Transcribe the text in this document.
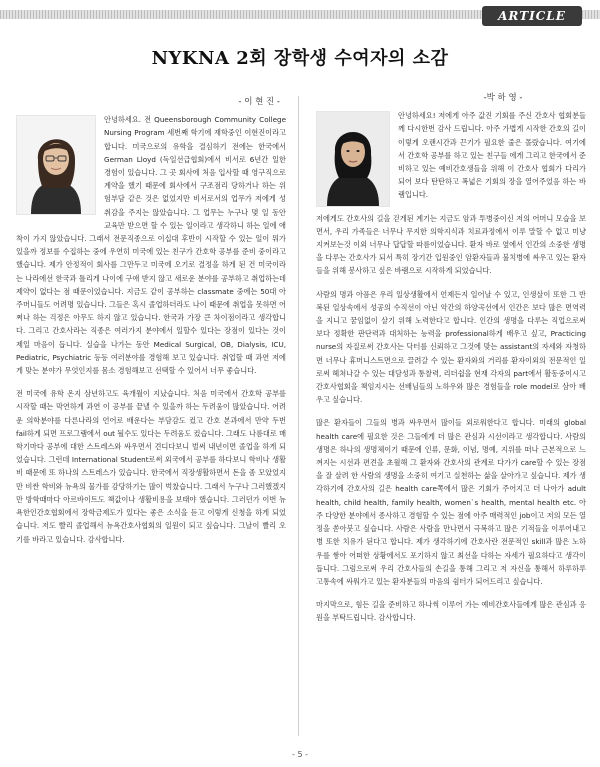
ARTICLE
NYKNA 2회 장학생 수여자의 소감
- 이 현 진 -

안녕하세요. 전 Queensborough Community College Nursing Program 세번째 학기에 재학중인 이현진이라고 합니다. 미국으로의 유학을 결심하기 전에는 한국에서 German Lloyd (독일선급협회)에서 비서로 6년간 일한 경험이 있습니다. 그 곳 회사에 처음 입사할 때 영구직으로 계약을 했기 때문에 회사에서 구조점리 당하거나 하는 위험부담 같은 것은 없었지만 비서로서의 업무가 저에게 성취감을 주지는 않았습니다. 그 업무는 누구나 몇 일 동안 교육만 받으면 할 수 있는 일이라고 생각하니 하는 일에 애착이 가지 않았습니다. 그래서 전문직종으로 이십대 후반이 시작할 수 있는 일이 뭐가 있을까 정보를 수집하는 중에 우연히 미국에 있는 친구가 간호학 공부를 준비 중이라고 했습니다. 제가 안정적이 회사를 그만두고 미국에 오기로 결정을 하게 된 건 미국이라는 나라에선 한국과 틀리게 나이에 구애 받지 않고 새로운 분야를 공부하고 취업하는데 제약이 없다는 점 때문이었습니다. 지금도 같이 공부하는 classmate 중에는 50대 아주머니들도 어려명 있습니다. 그들은 혹시 졸업하더라도 나이 때문에 취업을 못하면 어쩌나 하는 걱정은 아무도 하지 않고 있습니다. 한국과 가장 큰 차이점이라고 생각합니다. 그리고 간호사라는 직종은 여러가지 분야에서 일할수 있다는 장점이 있다는 것이 제일 마음이 듭니다. 실습을 나가는 동안 Medical Surgical, OB, Dialysis, ICU, Pediatric, Psychiatric 등등 여러분야를 경험해 보고 있습니다. 취업할 때 과연 저에게 맞는 분야가 무엇인지를 몸소 경험해보고 선택할 수 있어서 너무 좋습니다.

전 미국에 유학 온지 삼년하고도 육개월이 지났습니다. 처음 미국에서 간호학 공부를 시작할 때는 막연하게 과연 이 공부를 끝낼 수 있을까 하는 두려움이 많았습니다. 어려운 의학분야를 다른나라의 언어로 배운다는 부담감도 컸고 간호 본과에서 만약 두번 fail하게 되면 프로그램에서 out 될수도 있다는 두려움도 컸습니다. 그래도 나름대로 매 학기마다 공부에 대한 스트레스와 싸우면서 견디다보니 벌써 내년이면 졸업을 하게 되었습니다. 그런데 International Student로써 외국에서 공부를 하다보니 학비나 생활비 때문에 또 하나의 스트레스가 있습니다. 한국에서 직장생활하면서 돈을 좀 모았었지만 비싼 학비와 뉴욕의 물가를 감당하기는 많이 벅찼습니다. 그래서 누구나 그러했겠지만 방학때마다 아르바이트도 책값이나 생활비용을 보태야 했습니다. 그러던가 이번 뉴욕한인간호협회에서 장학금제도가 있다는 좋은 소식을 듣고 이렇게 신청을 하게 되었습니다. 저도 빨리 졸업해서 뉴욕간호사협회의 일원이 되고 싶습니다. 그날이 빨리 오기를 바라고 있습니다. 감사합니다.

-박 하 영 -

안녕하세요! 저에게 아주 값진 기회를 주신 간호사 협회분들께 다시한번 감사 드립니다. 아주 가볍게 시작한 간호의 길이 이렇게 오랜시간과 끈기가 필요한 줄은 몰랐습니다. 여기에서 간호학 공부를 하고 있는 친구들 에게 그리고 한국에서 준비하고 있는 예비간호생들을 위해 이 간호사 협회가 다리가 되어 보다 탄탄하고 폭넓은 기회의 장을 열어주었음 하는 바램입니다.

저에게도 간호사의 길을 걷게된 계기는 지금도 암과 투병중이신 저의 어머니 모습을 보면서, 우리 가족들은 너무나 무지한 의학지식과 치료과정에서 이루 말할 수 없고 미냥 지켜보는것 이외 너무나 답답할 따름이었습니다. 환자 바로 옆에서 인간의 소중한 생명을 다루는 간호사가 되서 특히 장기간 입원중인 암환자들과 불치병에 싸우고 있는 환자들을 위해 봉사하고 싶은 바램으로 시작하게 되었습니다.

사람의 명과 아픔은 우리 일상생활에서 언제든지 일어날 수 있고, 인생살이 또한 그 반복된 일상속에서 성공의 수직선이 아닌 악간의 하양곡선에서 인간은 보다 많은 면역력을 지니고 꿈임없이 살기 위해 노력한다고 합니다. 인간의 생명을 다루는 직업으로써 보다 정확한 판단력과 대처하는 능력을 professional하게 배우고 싶고, Practicing nurse의 자질로써 간호사는 닥터를 신뢰하고 그것에 맞는 assistant의 자세와 자청하면 너무나 휴머니스트면으로 끌려갈 수 있는 환자와의 거리를 환자이외의 전문적인 일로써 헤쳐나갈 수 있는 대담성과 통찰력, 리더쉽을 현재 각자의 part에서 활동중이시고 간호사협회을 책임지시는 선배님들의 노하우와 많은 경험들을 role model로 삼아 배우고 싶습니다.

많은 환자들이 그들의 병과 싸우면서 많이들 외로워한다고 합니다. 미래의 global health care에 필요한 것은 그들에게 더 많은 관심과 시선이라고 생각합니다. 사람의 생명은 하나의 생명체이기 때문에 인류, 문화, 이념, 명예, 지위를 떠나 근본적으로 느껴지는 시선과 편견을 초월해 그 환자와 간호사의 관계로 다가가 care할 수 있는 장점을 잘 살려 한 사람의 생명을 소중히 여기고 실천하는 삶을 살아가고 싶습니다. 제가 생각하기에 간호사의 길은 health care쪽에서 많은 기회가 주어지고 더 나아가 adult health, child health, family health, women`s health, mental health etc. 아주 다양한 분야에서 종사하고 경험할 수 있는 점에 아주 매력적인 job이고 저의 모든 열정을 쏟아붓고 싶습니다. 사람은 사람을 만나면서 극복하고 많은 기적들을 이루어내고 병 또한 치유가 된다고 합니다. 제가 생각하기에 간호사란 전문적인 skill과 많은 노하우를 쌓아 어떠한 상황에서도 포기하지 않고 최선을 다하는 자세가 필요하다고 생각이 듭니다. 그럼으로써 우리 간호사들의 손길을 통해 그리고 저 자신을 통해서 하루하루 고통속에 싸워가고 있는 환자분들의 마음의 쉼터가 되어드리고 싶습니다.

마지막으로, 힘든 길을 준비하고 하나씩 이루어 가는 예비간호사들에게 많은 관심과 응원을 부탁드립니다. 감사합니다.

- 5 -
